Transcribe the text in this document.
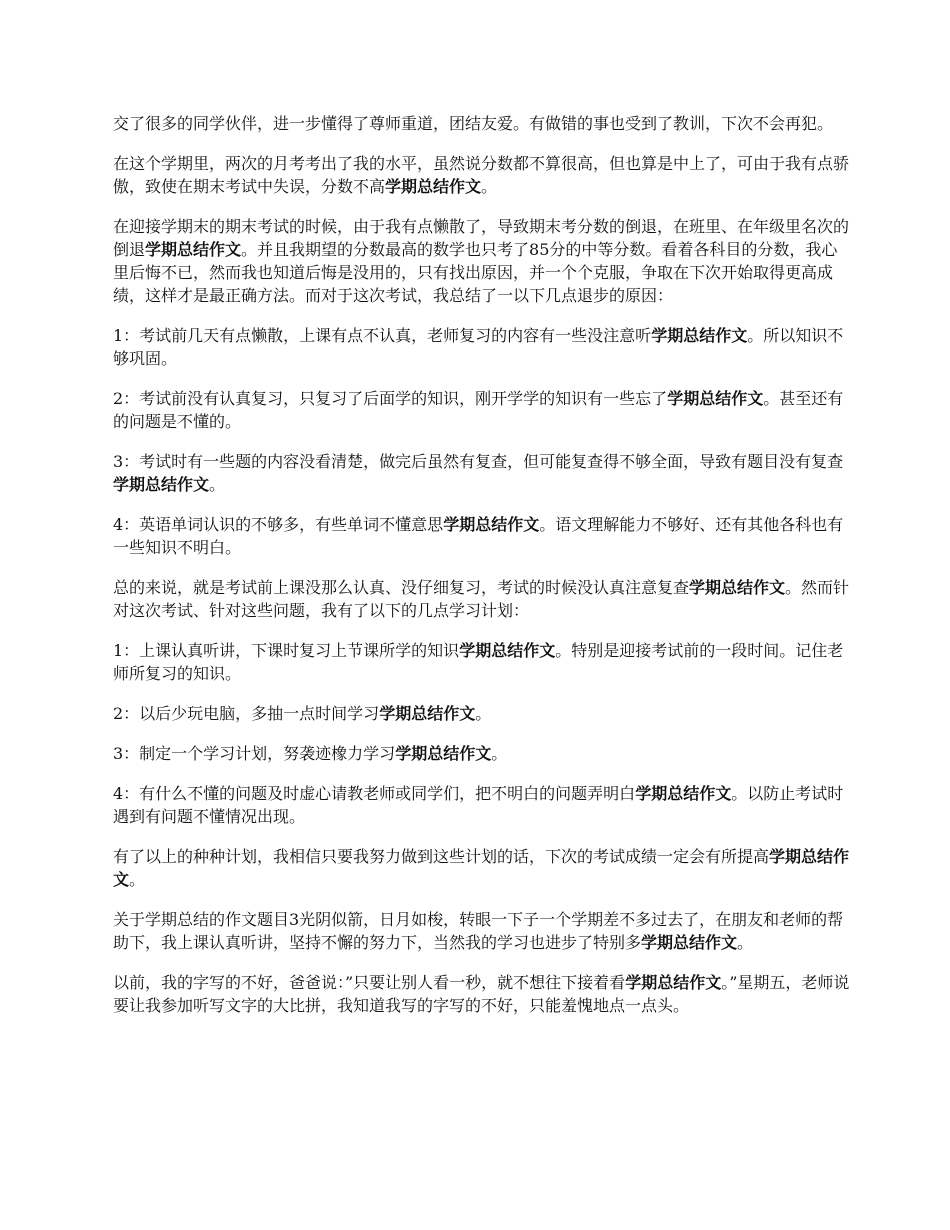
交了很多的同学伙伴，进一步懂得了尊师重道，团结友爱。有做错的事也受到了教训，下次不会再犯。

在这个学期里，两次的月考考出了我的水平，虽然说分数都不算很高，但也算是中上了，可由于我有点骄傲，致使在期末考试中失误，分数不高学期总结作文。

在迎接学期末的期末考试的时候，由于我有点懒散了，导致期末考分数的倒退，在班里、在年级里名次的倒退学期总结作文。并且我期望的分数最高的数学也只考了85分的中等分数。看着各科目的分数，我心里后悔不已，然而我也知道后悔是没用的，只有找出原因，并一个个克服，争取在下次开始取得更高成绩，这样才是最正确方法。而对于这次考试，我总结了一以下几点退步的原因：

1：考试前几天有点懒散，上课有点不认真，老师复习的内容有一些没注意听学期总结作文。所以知识不够巩固。

2：考试前没有认真复习，只复习了后面学的知识，刚开学学的知识有一些忘了学期总结作文。甚至还有的问题是不懂的。

3：考试时有一些题的内容没看清楚，做完后虽然有复查，但可能复查得不够全面，导致有题目没有复查学期总结作文。

4：英语单词认识的不够多，有些单词不懂意思学期总结作文。语文理解能力不够好、还有其他各科也有一些知识不明白。

总的来说，就是考试前上课没那么认真、没仔细复习，考试的时候没认真注意复查学期总结作文。然而针对这次考试、针对这些问题，我有了以下的几点学习计划：

1：上课认真听讲，下课时复习上节课所学的知识学期总结作文。特别是迎接考试前的一段时间。记住老师所复习的知识。

2：以后少玩电脑，多抽一点时间学习学期总结作文。

3：制定一个学习计划，努袭迹橡力学习学期总结作文。

4：有什么不懂的问题及时虚心请教老师或同学们，把不明白的问题弄明白学期总结作文。以防止考试时遇到有问题不懂情况出现。

有了以上的种种计划，我相信只要我努力做到这些计划的话，下次的考试成绩一定会有所提高学期总结作文。

关于学期总结的作文题目3光阴似箭，日月如梭，转眼一下子一个学期差不多过去了，在朋友和老师的帮助下，我上课认真听讲，坚持不懈的努力下，当然我的学习也进步了特别多学期总结作文。

以前，我的字写的不好，爸爸说：”只要让别人看一秒，就不想往下接着看学期总结作文。”星期五，老师说要让我参加听写文字的大比拼，我知道我写的字写的不好，只能羞愧地点一点头。
